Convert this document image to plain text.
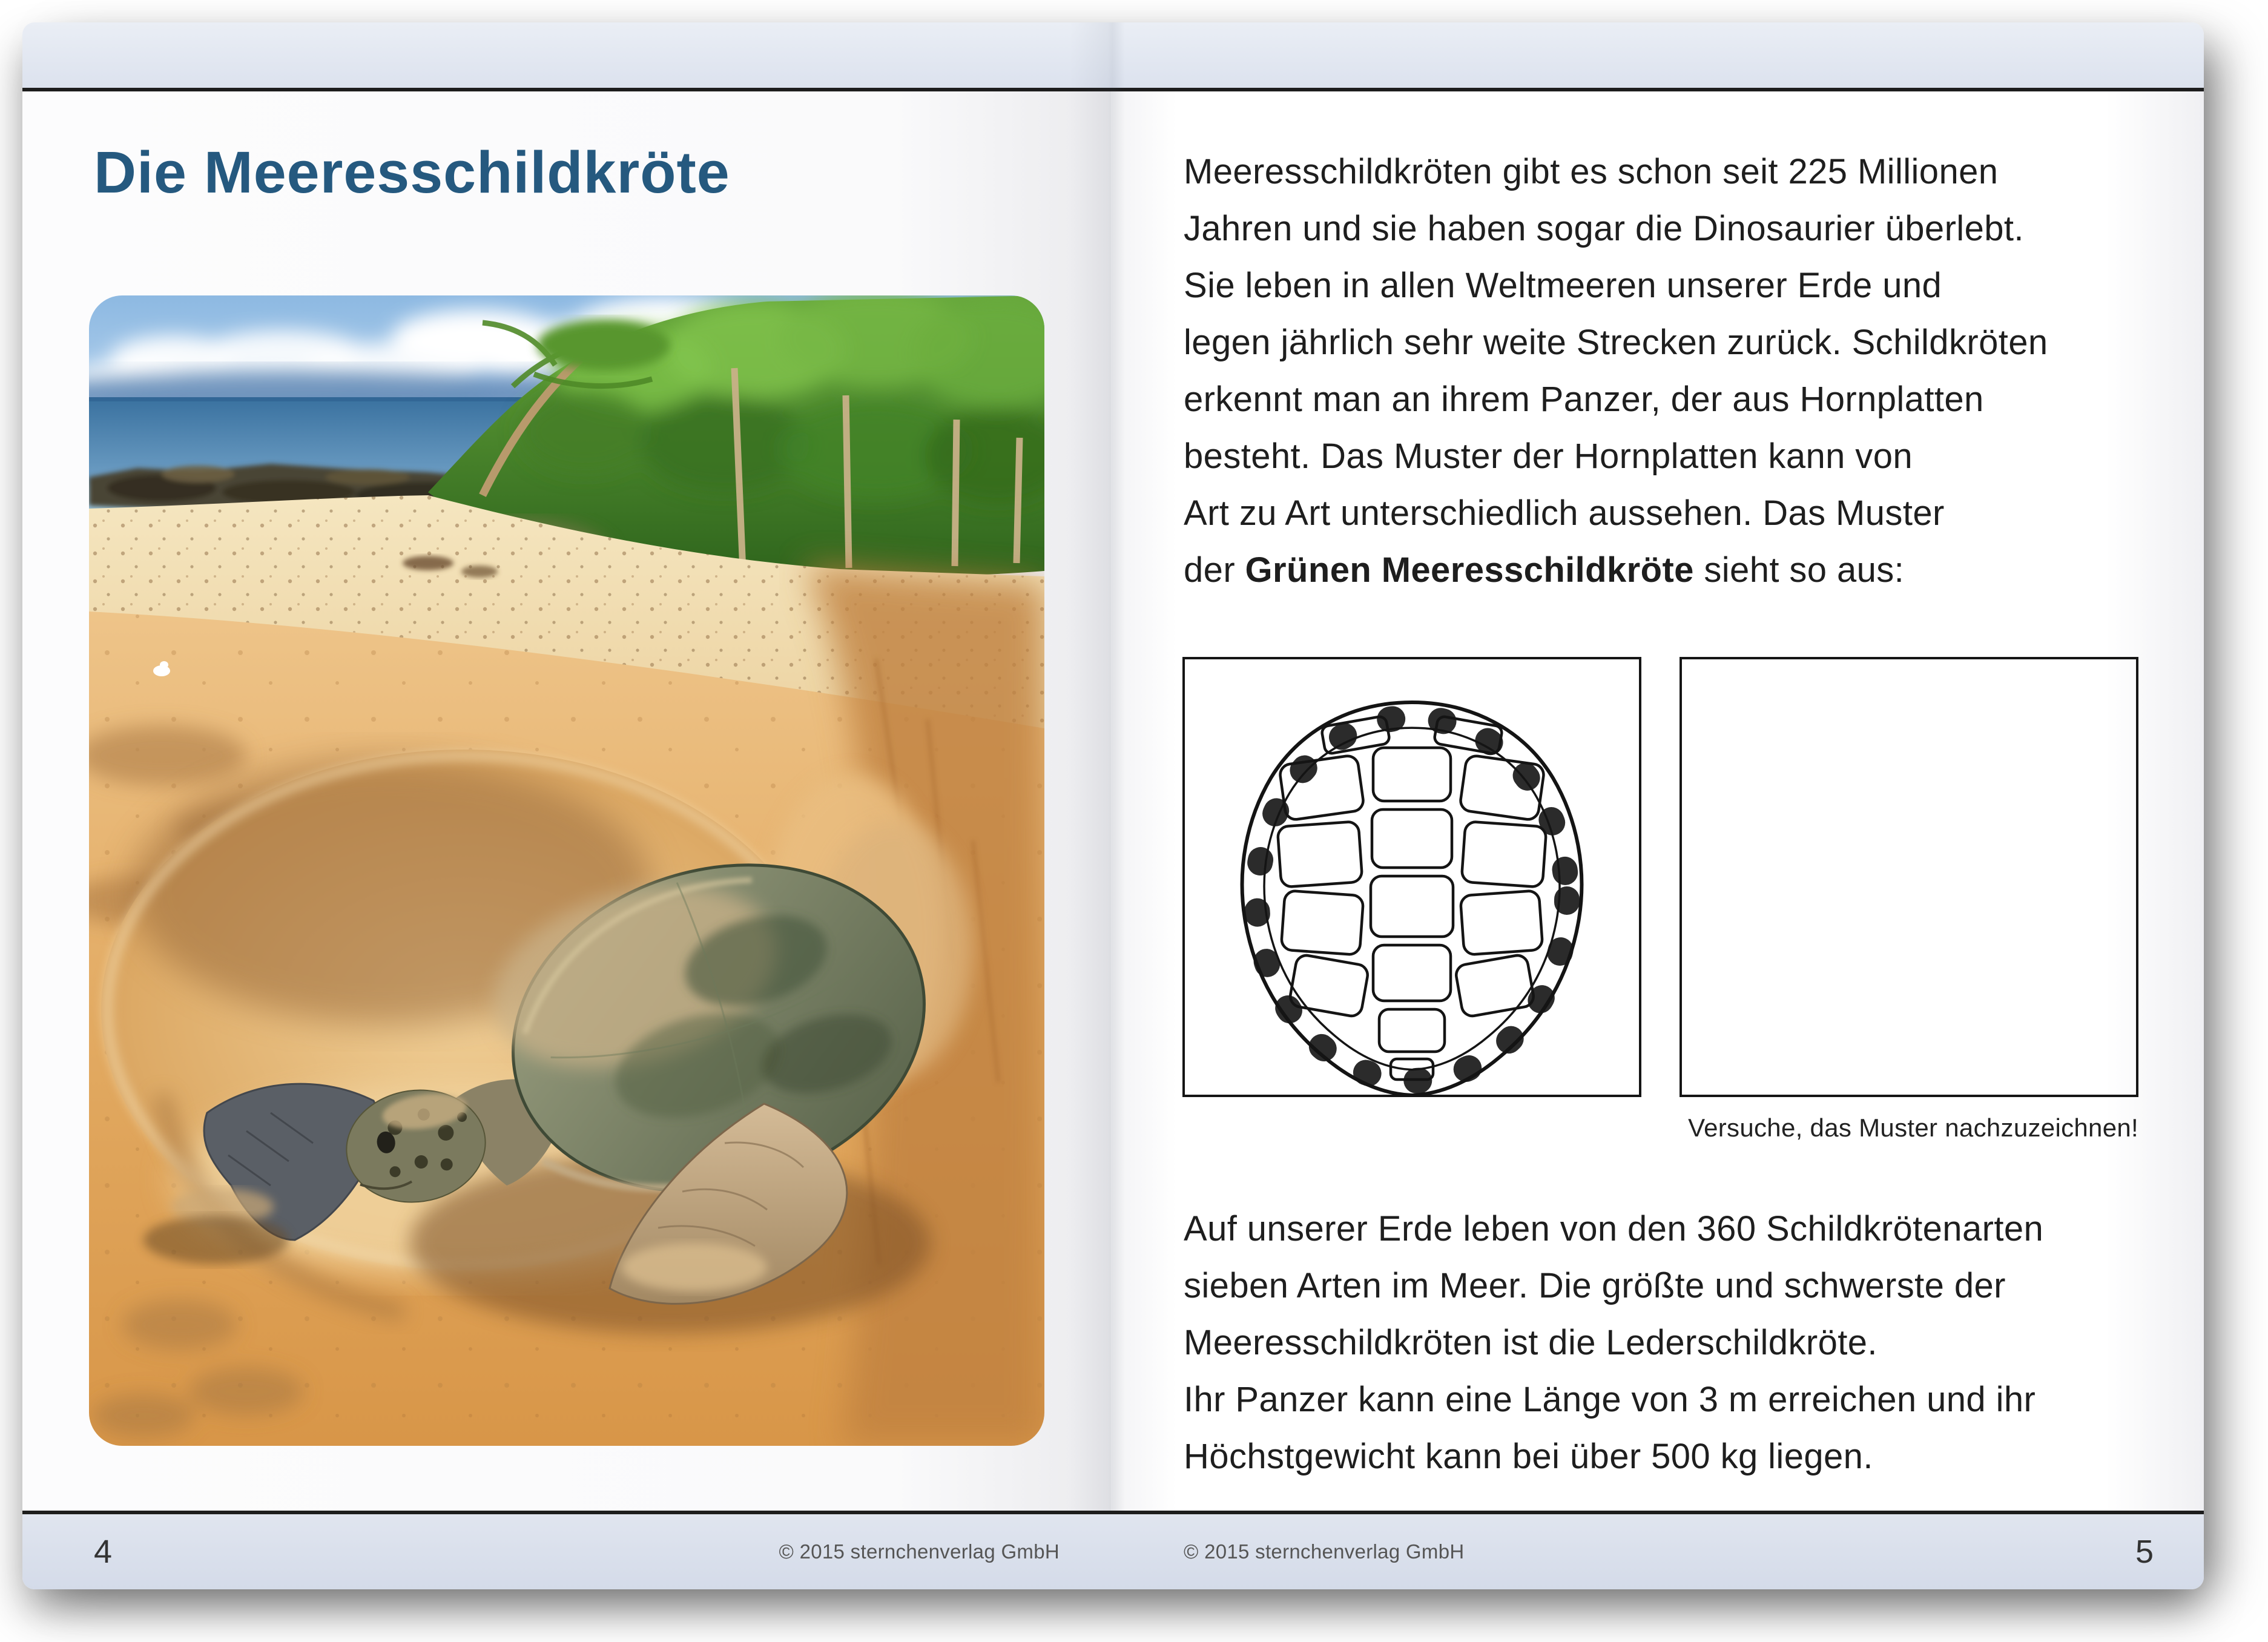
Die Meeresschildkröte	Meeresschildkröten gibt es schon seit 225 Millionen
Jahren und sie haben sogar die Dinosaurier überlebt.
Sie leben in allen Weltmeeren unserer Erde und
legen jährlich sehr weite Strecken zurück. Schildkröten
erkennt man an ihrem Panzer, der aus Hornplatten
besteht. Das Muster der Hornplatten kann von
Art zu Art unterschiedlich aussehen. Das Muster
der Grünen Meeresschildkröte sieht so aus:
Versuche, das Muster nachzuzeichnen!
Auf unserer Erde leben von den 360 Schildkrötenarten
sieben Arten im Meer. Die größte und schwerste der
Meeresschildkröten ist die Lederschildkröte.
Ihr Panzer kann eine Länge von 3 m erreichen und ihr
Höchstgewicht kann bei über 500 kg liegen.
4	© 2015 sternchenverlag GmbH	© 2015 sternchenverlag GmbH	5
